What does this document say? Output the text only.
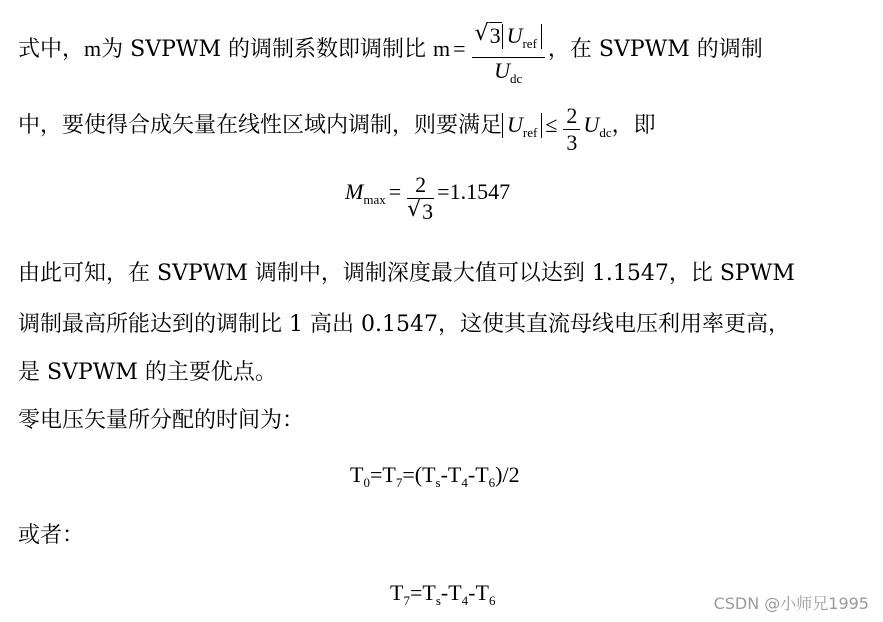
式中，m为 SVPWM 的调制系数即调制比 m =
√ $\frac{3 U_{ref}}{U_{dc}}$ ，在 SVPWM 的调制
中，要使得合成矢量在线性区域内调制，则要满足 $U_{ref} \le \frac{2}{3} U_{dc}$，即
$M_{max} = 2$
√ 3 =1.1547
由此可知，在 SVPWM 调制中，调制深度最大值可以达到 1.1547，比 SPWM
调制最高所能达到的调制比 1 高出 0.1547，这使其直流母线电压利用率更高，
是 SVPWM 的主要优点。
零电压矢量所分配的时间为：
$T_0=T_7=(T_s-T_4-T_6)/2$
或者：
$T_7=T_s-T_4-T_6$	CSDN @小师兄1995
